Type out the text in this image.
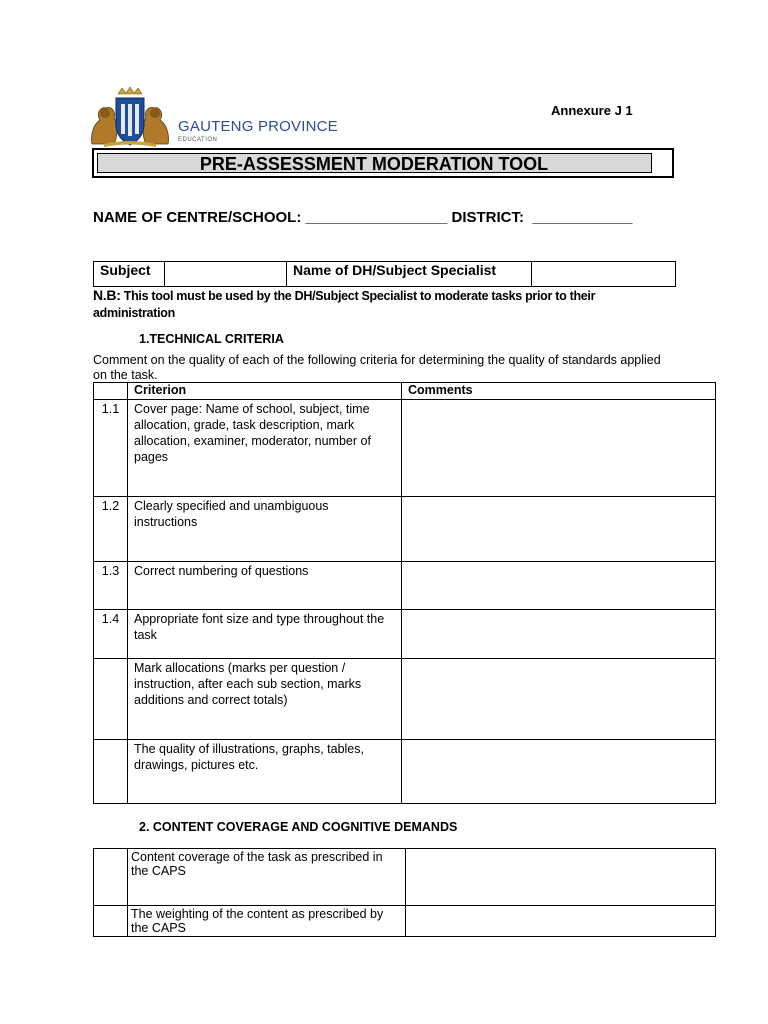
GAUTENG PROVINCE
EDUCATION
Annexure J 1
PRE-ASSESSMENT MODERATION TOOL
NAME OF CENTRE/SCHOOL: _________________ DISTRICT:  ____________
Subject		Name of DH/Subject Specialist	
N.B: This tool must be used by the DH/Subject Specialist to moderate tasks prior to their administration
1.TECHNICAL CRITERIA
Comment on the quality of each of the following criteria for determining the quality of standards applied on the task.
	Criterion	Comments
1.1	Cover page: Name of school, subject, time allocation, grade, task description, mark allocation, examiner, moderator, number of pages	
1.2	Clearly specified and unambiguous instructions	
1.3	Correct numbering of questions	
1.4	Appropriate font size and type throughout the task	
	Mark allocations (marks per question / instruction, after each sub section, marks additions and correct totals)	
	The quality of illustrations, graphs, tables, drawings, pictures etc.	
2. CONTENT COVERAGE AND COGNITIVE DEMANDS
	Content coverage of the task as prescribed in the CAPS	
	The weighting of the content as prescribed by the CAPS	
